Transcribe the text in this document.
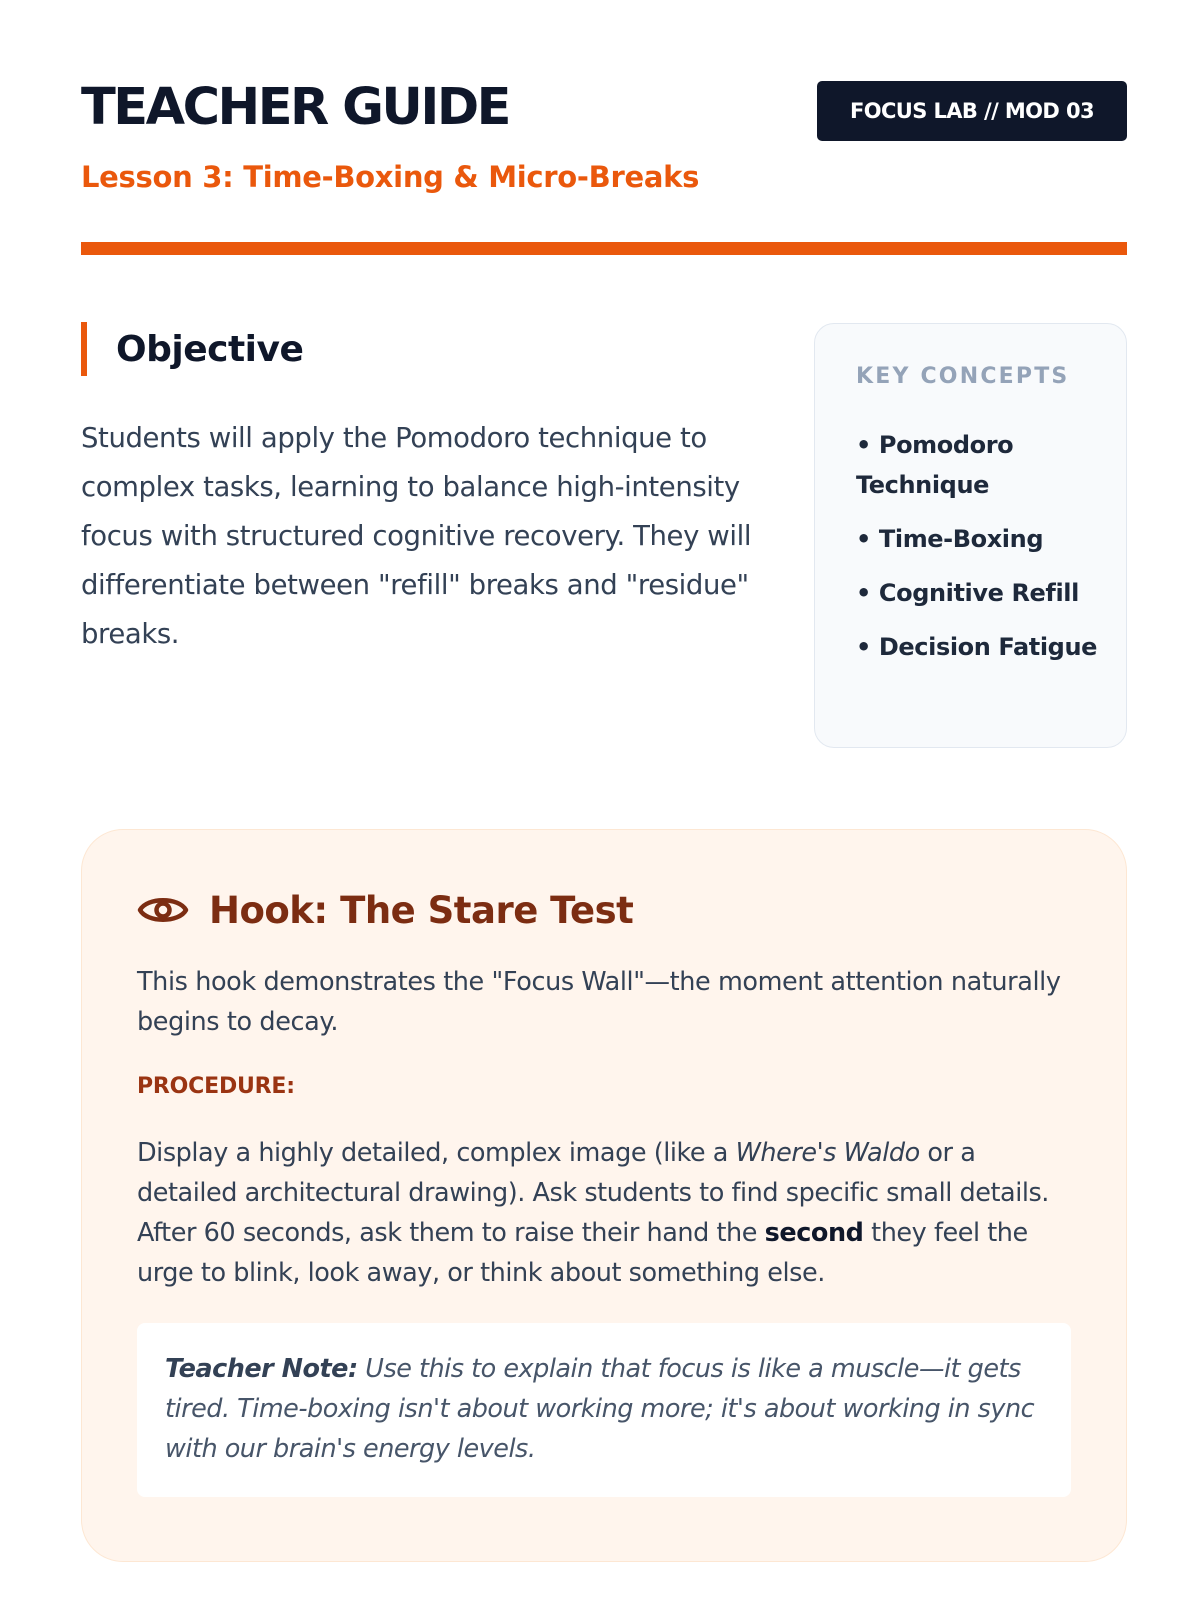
TEACHER GUIDE
Lesson 3: Time-Boxing & Micro-Breaks
FOCUS LAB // MOD 03
Objective

Students will apply the Pomodoro technique to complex tasks, learning to balance high-intensity focus with structured cognitive recovery. They will differentiate between "refill" breaks and "residue" breaks.

KEY CONCEPTS
• Pomodoro Technique
• Time-Boxing
• Cognitive Refill
• Decision Fatigue
Hook: The Stare Test

This hook demonstrates the "Focus Wall"—the moment attention naturally begins to decay.

PROCEDURE:

Display a highly detailed, complex image (like a Where's Waldo or a detailed architectural drawing). Ask students to find specific small details. After 60 seconds, ask them to raise their hand the second they feel the urge to blink, look away, or think about something else.

Teacher Note: Use this to explain that focus is like a muscle—it gets tired. Time-boxing isn't about working more; it's about working in sync with our brain's energy levels.
